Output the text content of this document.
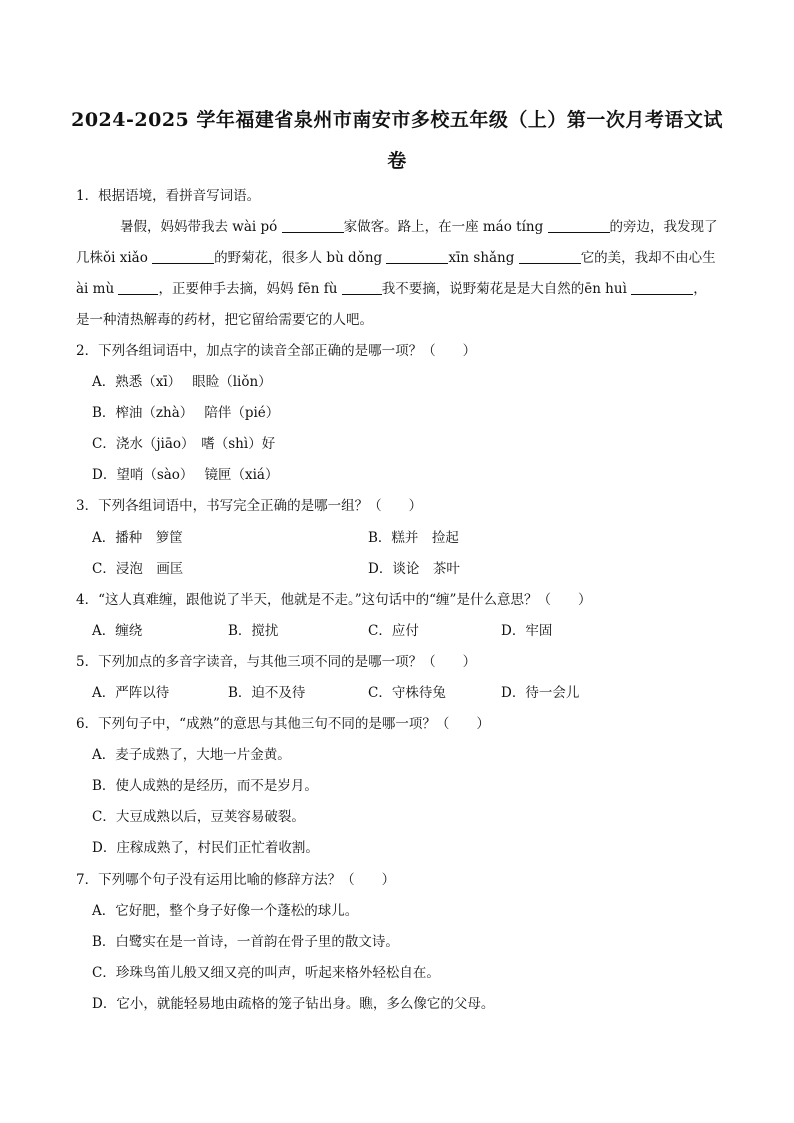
2024-2025 学年福建省泉州市南安市多校五年级（上）第一次月考语文试
卷
1．根据语境，看拼音写词语。
暑假，妈妈带我去 wài pó	家做客。路上，在一座 máo tíng	的旁边，我发现了
几株ǒi xiǎo	的野菊花，很多人 bù dǒng	xīn shǎng	它的美，我却不由心生
ài mù	，正要伸手去摘，妈妈 fēn fù	我不要摘，说野菊花是是大自然的ēn huì	，
是一种清热解毒的药材，把它留给需要它的人吧。
2．下列各组词语中，加点字的读音全部正确的是哪一项？（　　）
A．熟悉（xī）　 眼睑（liǒn）
B．榨油（zhà）　 陪伴（pié）
C．浇水（jiāo）　嗜（shì）好
D．望哨（sào）　 镜匣（xiá）
3．下列各组词语中，书写完全正确的是哪一组？（　　）
A．播种　箩筐	B．糕并　捡起
C．浸泡　画匡	D．谈论　茶叶
4．“这人真难缠，跟他说了半天，他就是不走。”这句话中的“缠”是什么意思？（　　）
A．缠绕	B．搅扰	C．应付	D．牢固
5．下列加点的多音字读音，与其他三项不同的是哪一项？（　　）
A．严阵以待	B．迫不及待	C．守株待兔	D．待一会儿
6．下列句子中，“成熟”的意思与其他三句不同的是哪一项？（　　）
A．麦子成熟了，大地一片金黄。
B．使人成熟的是经历，而不是岁月。
C．大豆成熟以后，豆荚容易破裂。
D．庄稼成熟了，村民们正忙着收割。
7．下列哪个句子没有运用比喻的修辞方法？（　　）
A．它好肥，整个身子好像一个蓬松的球儿。
B．白鹭实在是一首诗，一首韵在骨子里的散文诗。
C．珍珠鸟笛儿般又细又亮的叫声，听起来格外轻松自在。
D．它小，就能轻易地由疏格的笼子钻出身。瞧，多么像它的父母。
